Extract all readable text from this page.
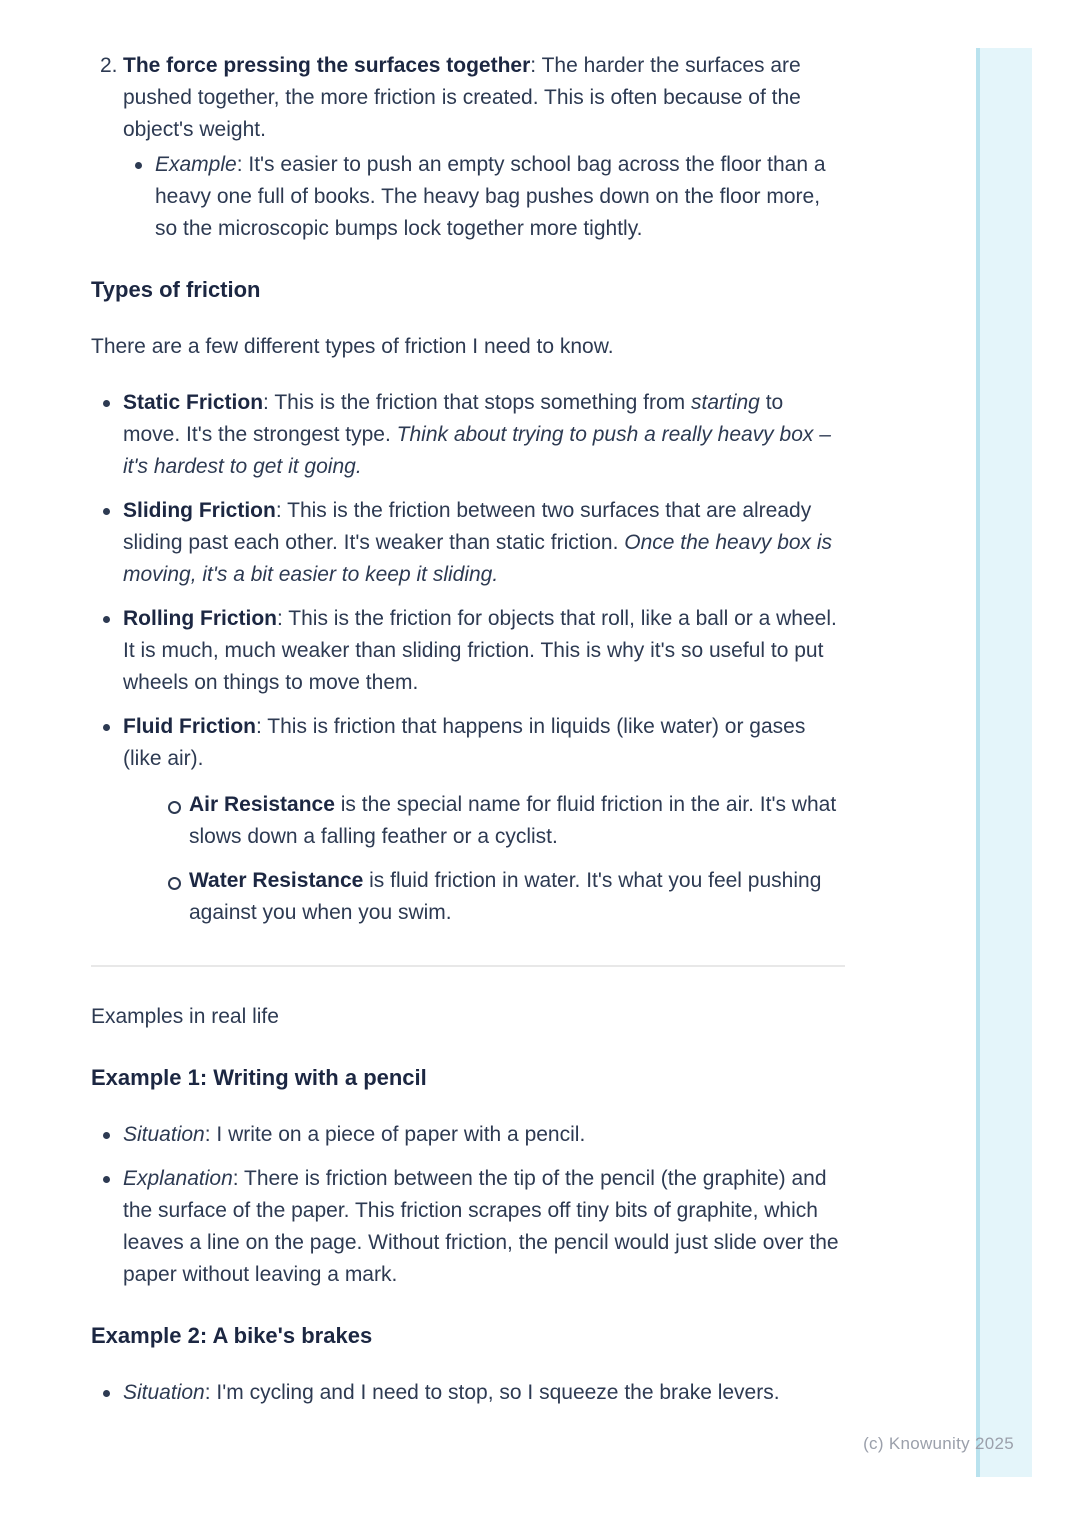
2. The force pressing the surfaces together: The harder the surfaces are pushed together, the more friction is created. This is often because of the object's weight.
Example: It's easier to push an empty school bag across the floor than a heavy one full of books. The heavy bag pushes down on the floor more, so the microscopic bumps lock together more tightly.
Types of friction

There are a few different types of friction I need to know.

Static Friction: This is the friction that stops something from starting to move. It's the strongest type. Think about trying to push a really heavy box – it's hardest to get it going.
Sliding Friction: This is the friction between two surfaces that are already sliding past each other. It's weaker than static friction. Once the heavy box is moving, it's a bit easier to keep it sliding.
Rolling Friction: This is the friction for objects that roll, like a ball or a wheel. It is much, much weaker than sliding friction. This is why it's so useful to put wheels on things to move them.
Fluid Friction: This is friction that happens in liquids (like water) or gases (like air).
Air Resistance is the special name for fluid friction in the air. It's what slows down a falling feather or a cyclist.
Water Resistance is fluid friction in water. It's what you feel pushing against you when you swim.

Examples in real life

Example 1: Writing with a pencil
Situation: I write on a piece of paper with a pencil.
Explanation: There is friction between the tip of the pencil (the graphite) and the surface of the paper. This friction scrapes off tiny bits of graphite, which leaves a line on the page. Without friction, the pencil would just slide over the paper without leaving a mark.
Example 2: A bike's brakes
Situation: I'm cycling and I need to stop, so I squeeze the brake levers.
(c) Knowunity 2025
